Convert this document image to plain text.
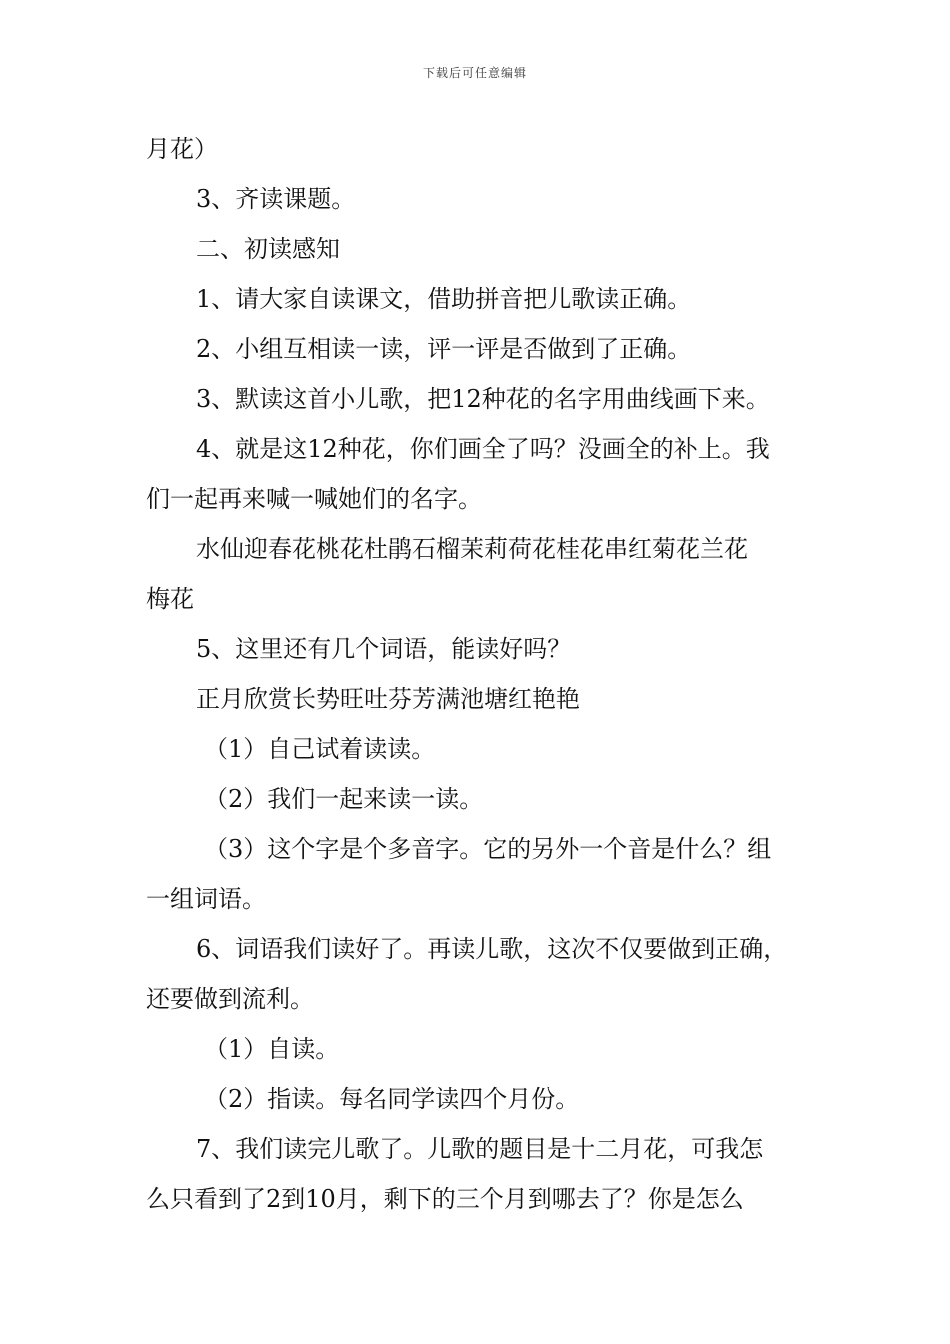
下载后可任意编辑
月花）
3、齐读课题。
二、初读感知
1、请大家自读课文，借助拼音把儿歌读正确。
2、小组互相读一读，评一评是否做到了正确。
3、默读这首小儿歌，把12种花的名字用曲线画下来。
4、就是这12种花，你们画全了吗？没画全的补上。我
们一起再来喊一喊她们的名字。
水仙迎春花桃花杜鹃石榴茉莉荷花桂花串红菊花兰花
梅花
5、这里还有几个词语，能读好吗？
正月欣赏长势旺吐芬芳满池塘红艳艳
（1）自己试着读读。
（2）我们一起来读一读。
（3）这个字是个多音字。它的另外一个音是什么？组
一组词语。
6、词语我们读好了。再读儿歌，这次不仅要做到正确，
还要做到流利。
（1）自读。
（2）指读。每名同学读四个月份。
7、我们读完儿歌了。儿歌的题目是十二月花，可我怎
么只看到了2到10月，剩下的三个月到哪去了？你是怎么
